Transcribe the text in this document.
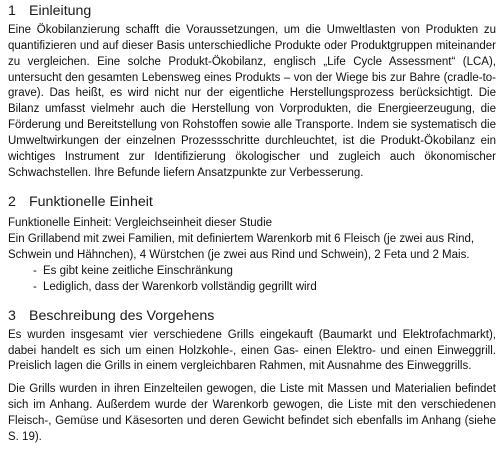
1 Einleitung

Eine Ökobilanzierung schafft die Voraussetzungen, um die Umweltlasten von Produkten zu quantifizieren und auf dieser Basis unterschiedliche Produkte oder Produktgruppen miteinander zu vergleichen. Eine solche Produkt-Ökobilanz, englisch „Life Cycle Assessment“ (LCA), untersucht den gesamten Lebensweg eines Produkts – von der Wiege bis zur Bahre (cradle-to-grave). Das heißt, es wird nicht nur der eigentliche Herstellungsprozess berücksichtigt. Die Bilanz umfasst vielmehr auch die Herstellung von Vorprodukten, die Energieerzeugung, die Förderung und Bereitstellung von Rohstoffen sowie alle Transporte. Indem sie systematisch die Umweltwirkungen der einzelnen Prozessschritte durchleuchtet, ist die Produkt-Ökobilanz ein wichtiges Instrument zur Identifizierung ökologischer und zugleich auch ökonomischer Schwachstellen. Ihre Befunde liefern Ansatzpunkte zur Verbesserung.

2 Funktionelle Einheit

Funktionelle Einheit: Vergleichseinheit dieser Studie

Ein Grillabend mit zwei Familien, mit definiertem Warenkorb mit 6 Fleisch (je zwei aus Rind, Schwein und Hähnchen), 4 Würstchen (je zwei aus Rind und Schwein), 2 Feta und 2 Mais.

- Es gibt keine zeitliche Einschränkung
- Lediglich, dass der Warenkorb vollständig gegrillt wird
3 Beschreibung des Vorgehens

Es wurden insgesamt vier verschiedene Grills eingekauft (Baumarkt und Elektrofachmarkt), dabei handelt es sich um einen Holzkohle-, einen Gas- einen Elektro- und einen Einweggrill. Preislich lagen die Grills in einem vergleichbaren Rahmen, mit Ausnahme des Einweggrills.

Die Grills wurden in ihren Einzelteilen gewogen, die Liste mit Massen und Materialien befindet sich im Anhang. Außerdem wurde der Warenkorb gewogen, die Liste mit den verschiedenen Fleisch-, Gemüse und Käsesorten und deren Gewicht befindet sich ebenfalls im Anhang (siehe S. 19).
